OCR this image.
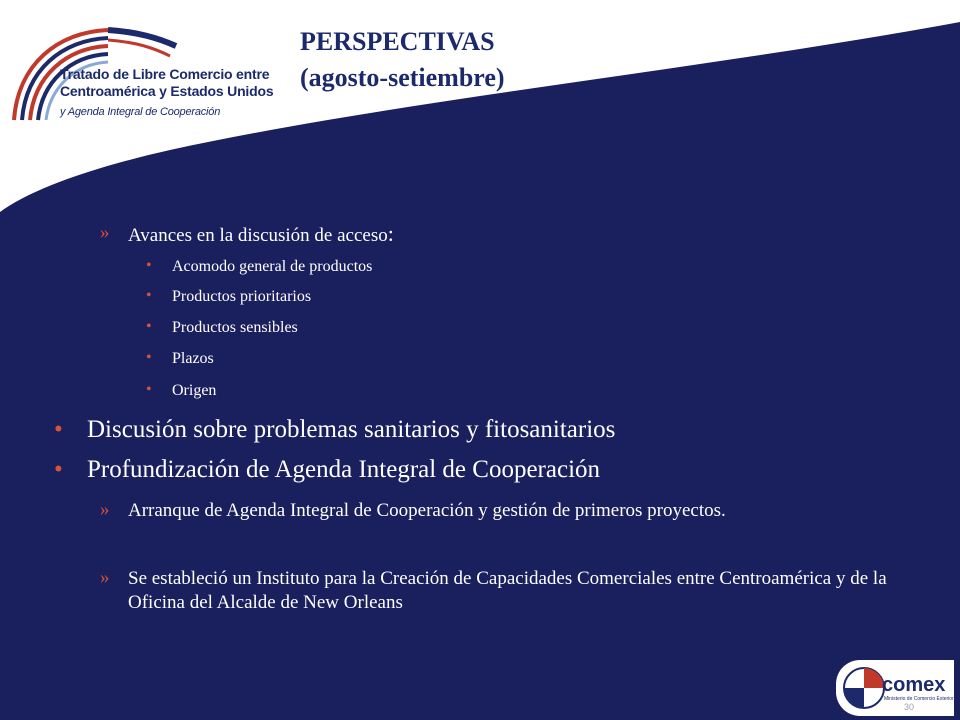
Tratado de Libre Comercio entre
Centroamérica y Estados Unidos
y Agenda Integral de Cooperación
PERSPECTIVAS
(agosto-setiembre)
» Avances en la discusión de acceso:
• Acomodo general de productos
• Productos prioritarios
• Productos sensibles
• Plazos
• Origen
• Discusión sobre problemas sanitarios y fitosanitarios
• Profundización de Agenda Integral de Cooperación
» Arranque de Agenda Integral de Cooperación y gestión de primeros proyectos.
» Se estableció un Instituto para la Creación de Capacidades Comerciales entre Centroamérica y de la Oficina del Alcalde de New Orleans
comex
Ministerio de Comercio Exterior
30
